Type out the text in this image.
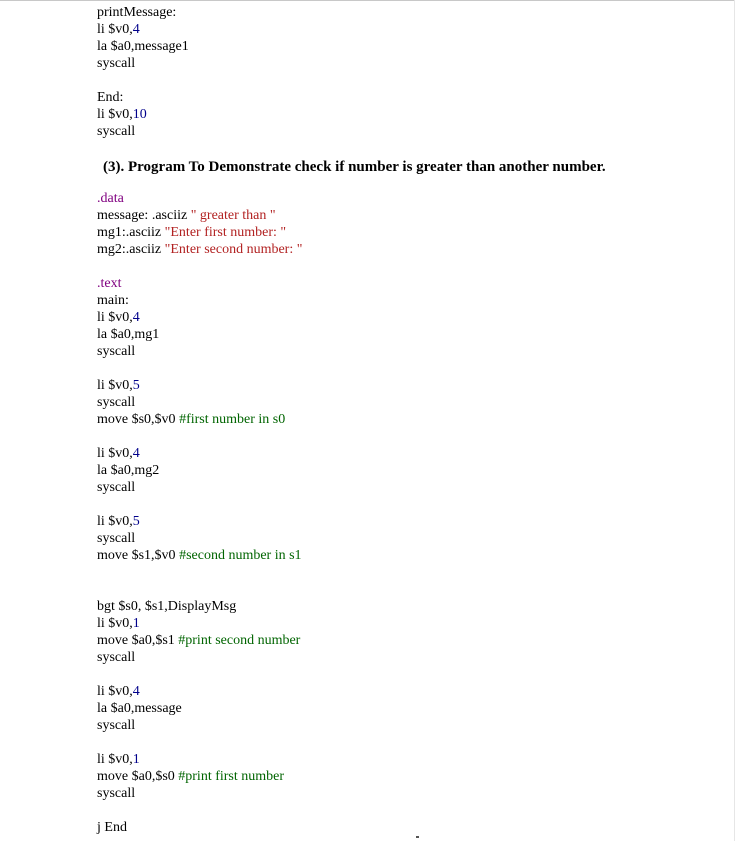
printMessage:
li $v0,4
la $a0,message1
syscall
End:
li $v0,10
syscall
(3). Program To Demonstrate check if number is greater than another number.
.data
message: .asciiz " greater than "
mg1:.asciiz "Enter first number: "
mg2:.asciiz "Enter second number: "
.text
main:
li $v0,4
la $a0,mg1
syscall
li $v0,5
syscall
move $s0,$v0 #first number in s0
li $v0,4
la $a0,mg2
syscall
li $v0,5
syscall
move $s1,$v0 #second number in s1
bgt $s0, $s1,DisplayMsg
li $v0,1
move $a0,$s1 #print second number
syscall
li $v0,4
la $a0,message
syscall
li $v0,1
move $a0,$s0 #print first number
syscall
j End
